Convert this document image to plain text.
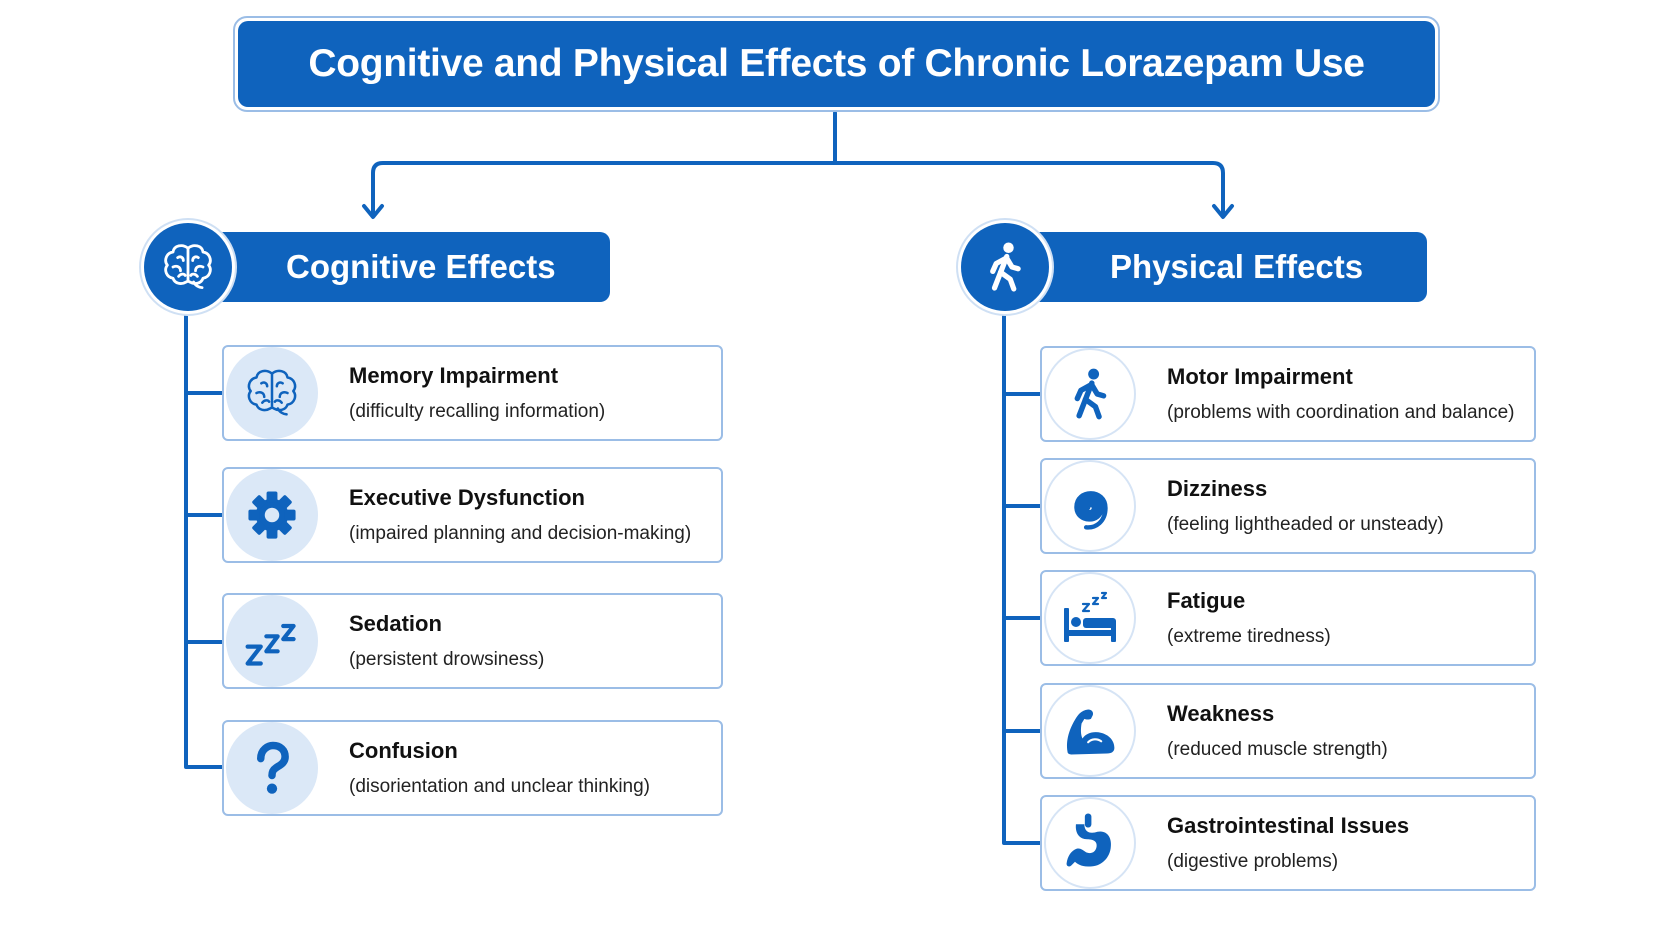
Cognitive and Physical Effects of Chronic Lorazepam Use
Cognitive Effects	Physical Effects
Memory Impairment
(difficulty recalling information)
Executive Dysfunction
(impaired planning and decision-making)
Sedation
(persistent drowsiness)
Confusion
(disorientation and unclear thinking)
Motor Impairment
(problems with coordination and balance)
Dizziness
(feeling lightheaded or unsteady)
Fatigue
(extreme tiredness)
Weakness
(reduced muscle strength)
Gastrointestinal Issues
(digestive problems)
